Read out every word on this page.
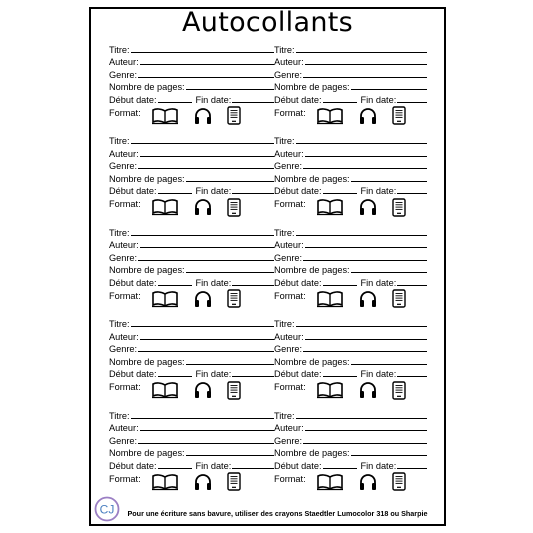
Autocollants
Titre:
Auteur:
Genre:
Nombre de pages:
Début date:	Fin date:
Format:
Titre:
Auteur:
Genre:
Nombre de pages:
Début date:	Fin date:
Format:
Titre:
Auteur:
Genre:
Nombre de pages:
Début date:	Fin date:
Format:
Titre:
Auteur:
Genre:
Nombre de pages:
Début date:	Fin date:
Format:
Titre:
Auteur:
Genre:
Nombre de pages:
Début date:	Fin date:
Format:
Titre:
Auteur:
Genre:
Nombre de pages:
Début date:	Fin date:
Format:
Titre:
Auteur:
Genre:
Nombre de pages:
Début date:	Fin date:
Format:
Titre:
Auteur:
Genre:
Nombre de pages:
Début date:	Fin date:
Format:
Titre:
Auteur:
Genre:
Nombre de pages:
Début date:	Fin date:
Format:
Titre:
Auteur:
Genre:
Nombre de pages:
Début date:	Fin date:
Format:
CJ	Pour une écriture sans bavure, utiliser des crayons Staedtler Lumocolor 318 ou Sharpie
